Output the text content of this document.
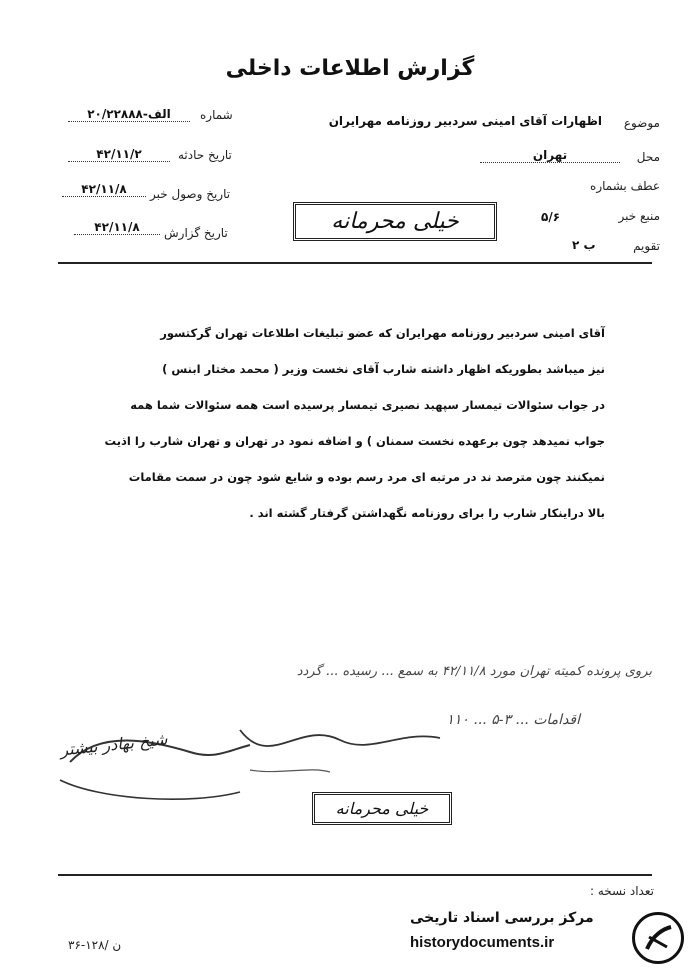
گزارش اطلاعات داخلی
شماره
۲۰/۲۲۸۸۸-الف
تاریخ حادثه
۴۲/۱۱/۲
تاریخ وصول خبر
۴۲/۱۱/۸
تاریخ گزارش
۴۲/۱۱/۸
موضوع
اظهارات آقای امینی سردبیر روزنامه مهرایران
محل
تهران
عطف بشماره
منبع خبر
۵/۶
تقویم
ب ۲
خیلی محرمانه
آقای امینی سردبیر روزنامه مهرایران که عضو تبلیغات اطلاعات تهران گرکتسور
نیز میباشد بطوریکه اظهار داشته شارب آقای نخست وزیر ( محمد مختار ابنس )
در جواب سئوالات تیمسار سپهبد نصیری تیمسار پرسیده است همه سئوالات شما همه
جواب نمیدهد چون برعهده نخست سمنان ) و اضافه نمود در تهران و تهران شارب را اذیت
نمیکنند چون مترصد ند در مرتبه ای مرد رسم بوده و شایع شود چون در سمت مقامات
بالا دراینکار شارب را برای روزنامه نگهداشتن گرفتار گشته اند .
بروی پرونده کمیته تهران مورد ۴۲/۱۱/۸ به سمع ... رسیده ... گردد
اقدامات ... ۳-۵ ... ۱۱۰
شیخ بهادر بیشتر
خیلی محرمانه
تعداد نسخه :
۳۶-۱۲۸/ ن
مرکز بررسی اسناد تاریخی
historydocuments.ir
